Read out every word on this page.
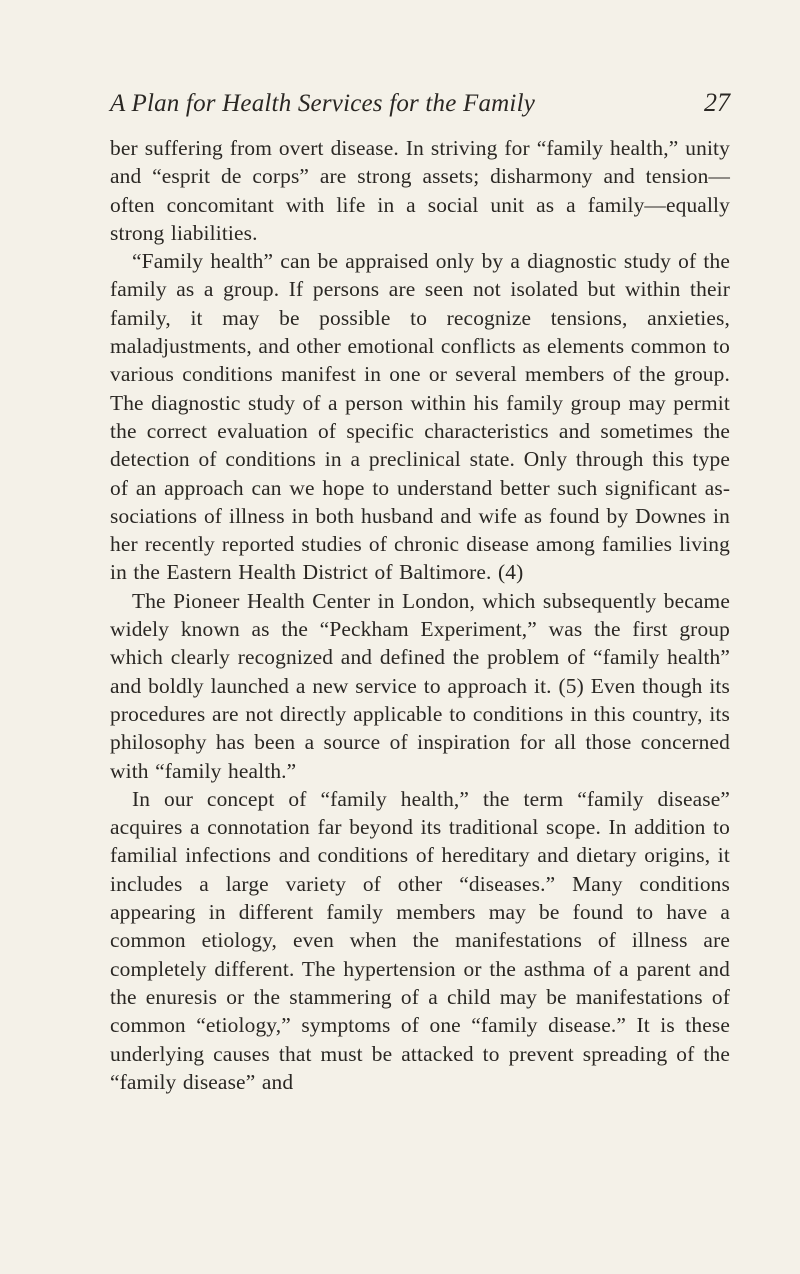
A Plan for Health Services for the Family	27

ber suffering from overt disease. In striving for “family health,” unity and “esprit de corps” are strong assets; disharmony and tension—often concomitant with life in a social unit as a family—equally strong liabilities.

“Family health” can be appraised only by a diagnostic study of the family as a group. If persons are seen not isolated but within their family, it may be possible to recognize tensions, anxieties, maladjustments, and other emotional conflicts as elements common to various conditions manifest in one or several members of the group. The diagnostic study of a person within his family group may permit the correct evaluation of specific characteristics and sometimes the detection of conditions in a preclinical state. Only through this type of an approach can we hope to understand better such significant associations of illness in both husband and wife as found by Downes in her recently reported studies of chronic disease among families living in the Eastern Health District of Baltimore. (4)

The Pioneer Health Center in London, which subsequently became widely known as the “Peckham Experiment,” was the first group which clearly recognized and defined the problem of “family health” and boldly launched a new service to approach it. (5) Even though its procedures are not directly applicable to conditions in this country, its philosophy has been a source of inspiration for all those concerned with “family health.”

In our concept of “family health,” the term “family disease” acquires a connotation far beyond its traditional scope. In addition to familial infections and conditions of hereditary and dietary origins, it includes a large variety of other “diseases.” Many conditions appearing in different family members may be found to have a common etiology, even when the manifestations of illness are completely different. The hypertension or the asthma of a parent and the enuresis or the stammering of a child may be manifestations of common “etiology,” symptoms of one “family disease.” It is these underlying causes that must be attacked to prevent spreading of the “family disease” and
